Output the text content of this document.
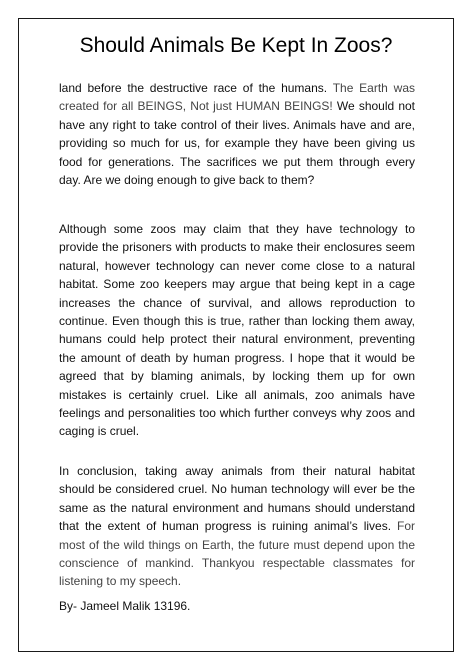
Should Animals Be Kept In Zoos?

land before the destructive race of the humans. The Earth was created for all BEINGS, Not just HUMAN BEINGS! We should not have any right to take control of their lives. Animals have and are, providing so much for us, for example they have been giving us food for generations. The sacrifices we put them through every day. Are we doing enough to give back to them?

Although some zoos may claim that they have technology to provide the prisoners with products to make their enclosures seem natural, however technology can never come close to a natural habitat. Some zoo keepers may argue that being kept in a cage increases the chance of survival, and allows reproduction to continue. Even though this is true, rather than locking them away, humans could help protect their natural environment, preventing the amount of death by human progress. I hope that it would be agreed that by blaming animals, by locking them up for own mistakes is certainly cruel. Like all animals, zoo animals have feelings and personalities too which further conveys why zoos and caging is cruel.

In conclusion, taking away animals from their natural habitat should be considered cruel. No human technology will ever be the same as the natural environment and humans should understand that the extent of human progress is ruining animal’s lives. For most of the wild things on Earth, the future must depend upon the conscience of mankind. Thankyou respectable classmates for listening to my speech.

By- Jameel Malik 13196.
